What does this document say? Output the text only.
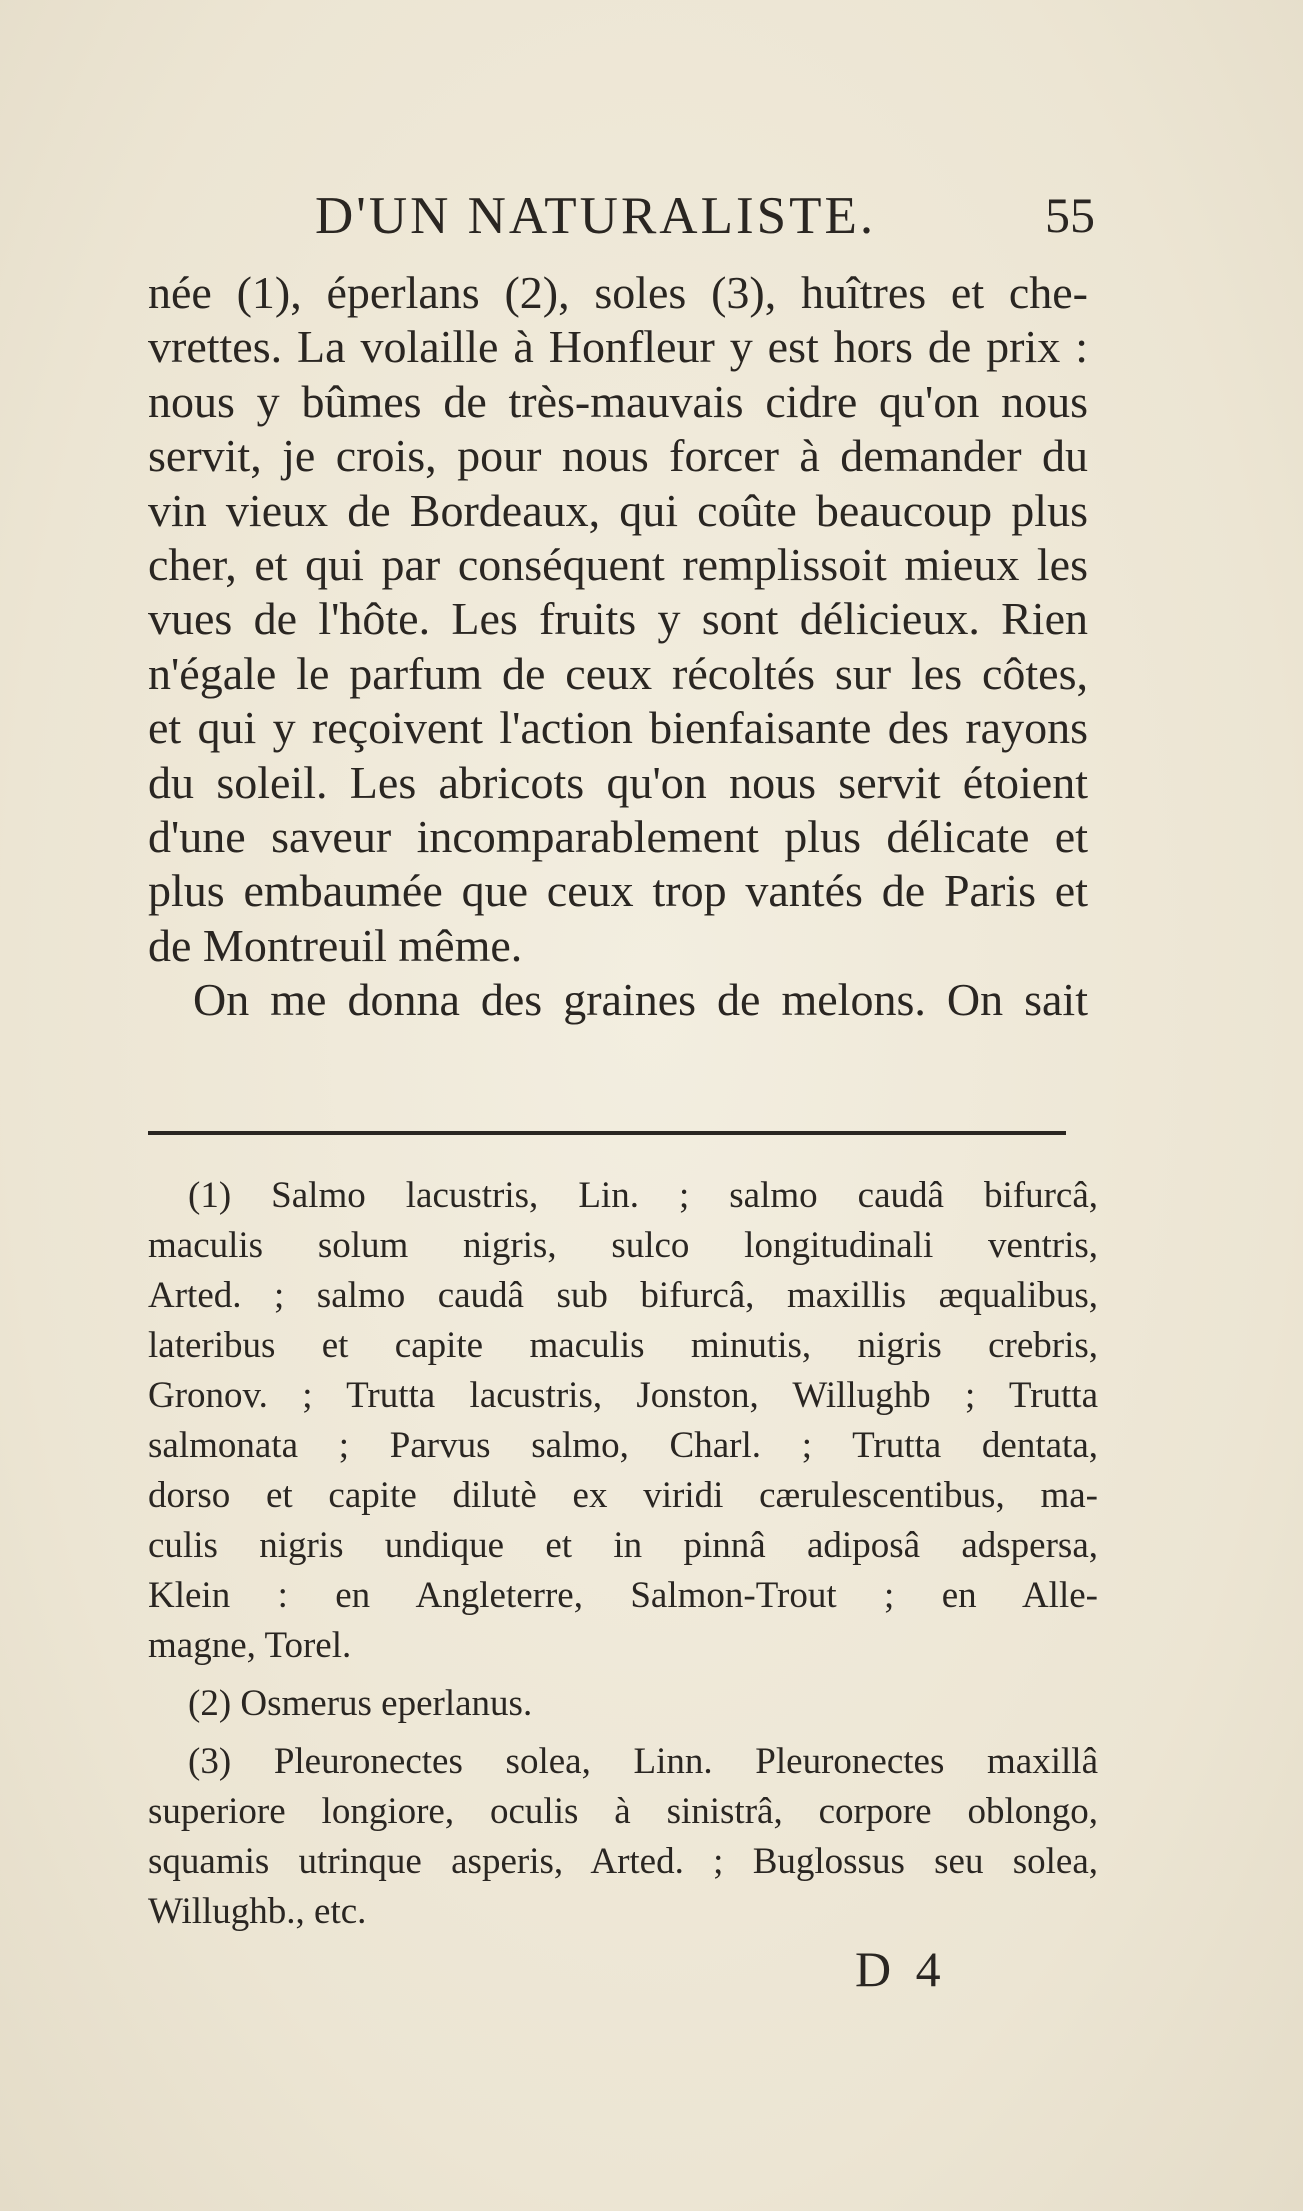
D'UN NATURALISTE.	55
née (1), éperlans (2), soles (3), huîtres et che-
vrettes. La volaille à Honfleur y est hors de prix :
nous y bûmes de très-mauvais cidre qu'on nous
servit, je crois, pour nous forcer à demander du
vin vieux de Bordeaux, qui coûte beaucoup plus
cher, et qui par conséquent remplissoit mieux les
vues de l'hôte. Les fruits y sont délicieux. Rien
n'égale le parfum de ceux récoltés sur les côtes,
et qui y reçoivent l'action bienfaisante des rayons
du soleil. Les abricots qu'on nous servit étoient
d'une saveur incomparablement plus délicate et
plus embaumée que ceux trop vantés de Paris et
de Montreuil même.
On me donna des graines de melons. On sait
(1) Salmo lacustris, Lin. ; salmo caudâ bifurcâ,
maculis solum nigris, sulco longitudinali ventris,
Arted. ; salmo caudâ sub bifurcâ, maxillis æqualibus,
lateribus et capite maculis minutis, nigris crebris,
Gronov. ; Trutta lacustris, Jonston, Willughb ; Trutta
salmonata ; Parvus salmo, Charl. ; Trutta dentata,
dorso et capite dilutè ex viridi cærulescentibus, ma-
culis nigris undique et in pinnâ adiposâ adspersa,
Klein : en Angleterre, Salmon-Trout ; en Alle-
magne, Torel.
(2) Osmerus eperlanus.
(3) Pleuronectes solea, Linn. Pleuronectes maxillâ
superiore longiore, oculis à sinistrâ, corpore oblongo,
squamis utrinque asperis, Arted. ; Buglossus seu solea,
Willughb., etc.
D 4
